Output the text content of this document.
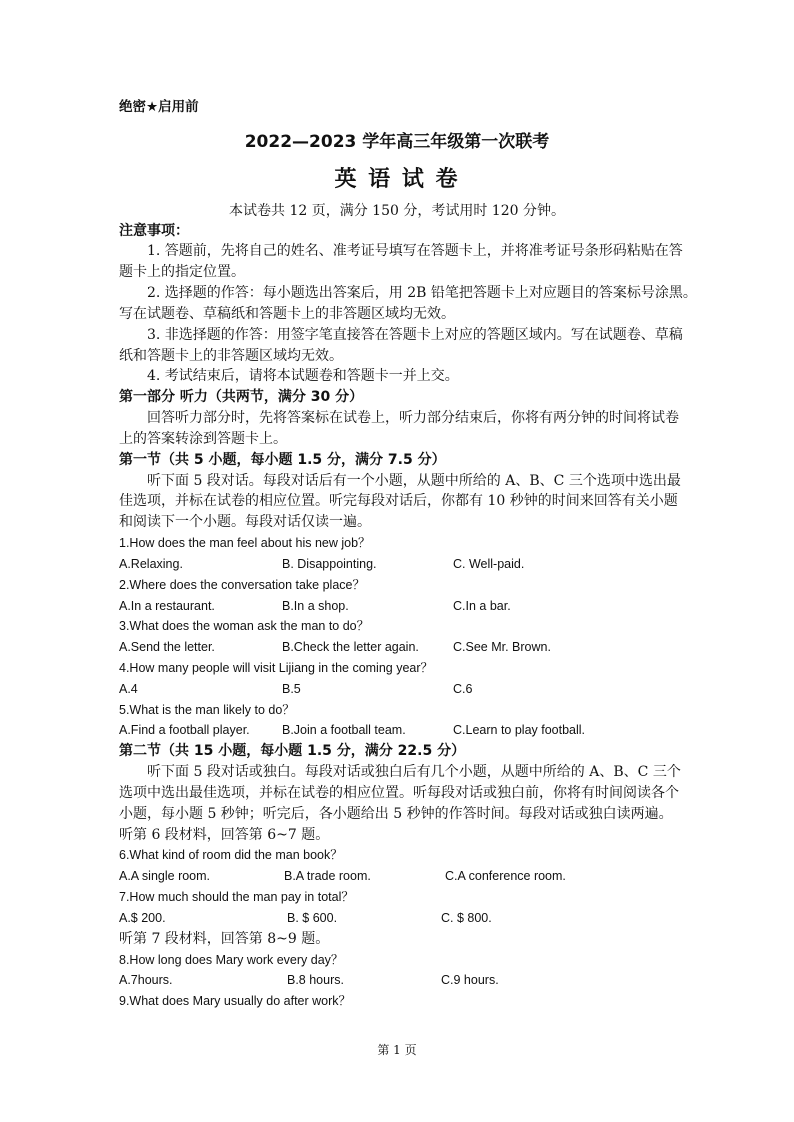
绝密★启用前
2022—2023 学年高三年级第一次联考
英 语 试 卷
本试卷共 12 页，满分 150 分，考试用时 120 分钟。
注意事项：
1. 答题前，先将自己的姓名、准考证号填写在答题卡上，并将准考证号条形码粘贴在答
题卡上的指定位置。
2. 选择题的作答：每小题选出答案后，用 2B 铅笔把答题卡上对应题目的答案标号涂黑。
写在试题卷、草稿纸和答题卡上的非答题区域均无效。
3. 非选择题的作答：用签字笔直接答在答题卡上对应的答题区域内。写在试题卷、草稿
纸和答题卡上的非答题区域均无效。
4. 考试结束后，请将本试题卷和答题卡一并上交。
第一部分 听力（共两节，满分 30 分）
回答听力部分时，先将答案标在试卷上，听力部分结束后，你将有两分钟的时间将试卷
上的答案转涂到答题卡上。
第一节（共 5 小题，每小题 1.5 分，满分 7.5 分）
听下面 5 段对话。每段对话后有一个小题，从题中所给的 A、B、C 三个选项中选出最
佳选项，并标在试卷的相应位置。听完每段对话后，你都有 10 秒钟的时间来回答有关小题
和阅读下一个小题。每段对话仅读一遍。
1.How does the man feel about his new job？
A.Relaxing.	B. Disappointing.	C. Well-paid.
2.Where does the conversation take place？
A.In a restaurant.	B.In a shop.	C.In a bar.
3.What does the woman ask the man to do？
A.Send the letter.	B.Check the letter again.	C.See Mr. Brown.
4.How many people will visit Lijiang in the coming year？
A.4	B.5	C.6
5.What is the man likely to do？
A.Find a football player.	B.Join a football team.	C.Learn to play football.
第二节（共 15 小题，每小题 1.5 分，满分 22.5 分）
听下面 5 段对话或独白。每段对话或独白后有几个小题，从题中所给的 A、B、C 三个
选项中选出最佳选项，并标在试卷的相应位置。听每段对话或独白前，你将有时间阅读各个
小题，每小题 5 秒钟；听完后，各小题给出 5 秒钟的作答时间。每段对话或独白读两遍。
听第 6 段材料，回答第 6~7 题。
6.What kind of room did the man book？
A.A single room.	B.A trade room.	C.A conference room.
7.How much should the man pay in total？
A.$ 200.	B. $ 600.	C. $ 800.
听第 7 段材料，回答第 8~9 题。
8.How long does Mary work every day？
A.7hours.	B.8 hours.	C.9 hours.
9.What does Mary usually do after work？
第 1 页
